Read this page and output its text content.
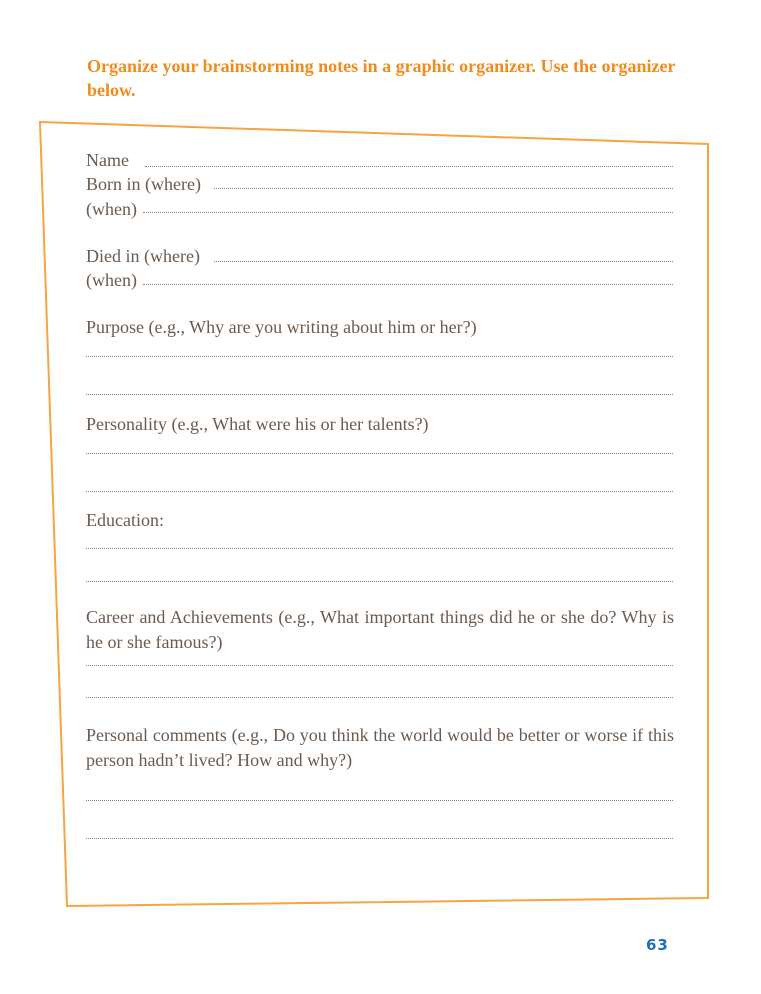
Organize your brainstorming notes in a graphic organizer. Use the organizer below.
Name
Born in (where)
(when)
Died in (where)
(when)
Purpose (e.g., Why are you writing about him or her?)
Personality (e.g., What were his or her talents?)
Education:
Career and Achievements (e.g., What important things did he or she do? Why is he or she famous?)
Personal comments (e.g., Do you think the world would be better or worse if this person hadn’t lived? How and why?)
63
